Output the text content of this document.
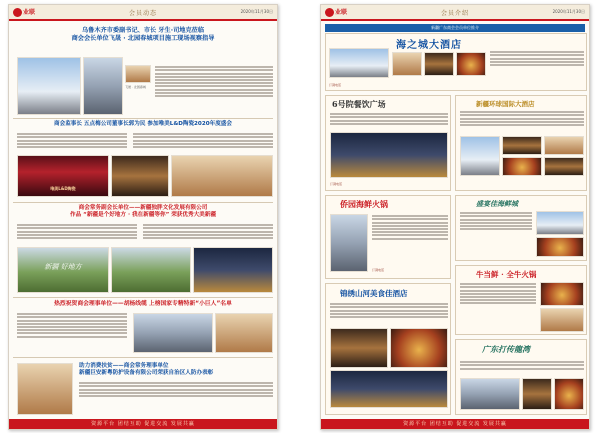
业联	会员动态	2020年11月30日
乌鲁木齐市委副书记、市长 牙生·司地克莅临
商会会长单位飞晟 · 北园春城项目施工现场视察指导
飞晟 · 北园春城
商会监事长 五点梅公司董事长郭为民 参加唯美L&D陶瓷2020年度盛会
唯美L&D陶瓷
商会常务副会长单位——新疆独胖文化发展有限公司
作品 “新疆是个好地方 · 我在新疆等你” 荣获优秀大美新疆
新疆 好地方
热烈祝贺商会理事单位——胡杨线缆 上榜国家专精特新“小巨人”名单
助力消费扶贫——商会常务理事单位
新疆巨安新粤防护设备有限公司荣获自治区人防办表彰
资源平台 团结互助 促进交流 发展共赢
业联	会员介绍	2020年11月30日
新疆广东商会会员单位推介
海之城大酒店
订餐电话
6号院餐饮广场
订餐电话
新疆环球国际大酒店
侨园海鲜火锅
订餐电话
盛宴佳海鲜城
锦绣山河美食佳酒店
牛当鲜 · 全牛火锅
广东打传龍湾
资源平台 团结互助 促进交流 发展共赢
